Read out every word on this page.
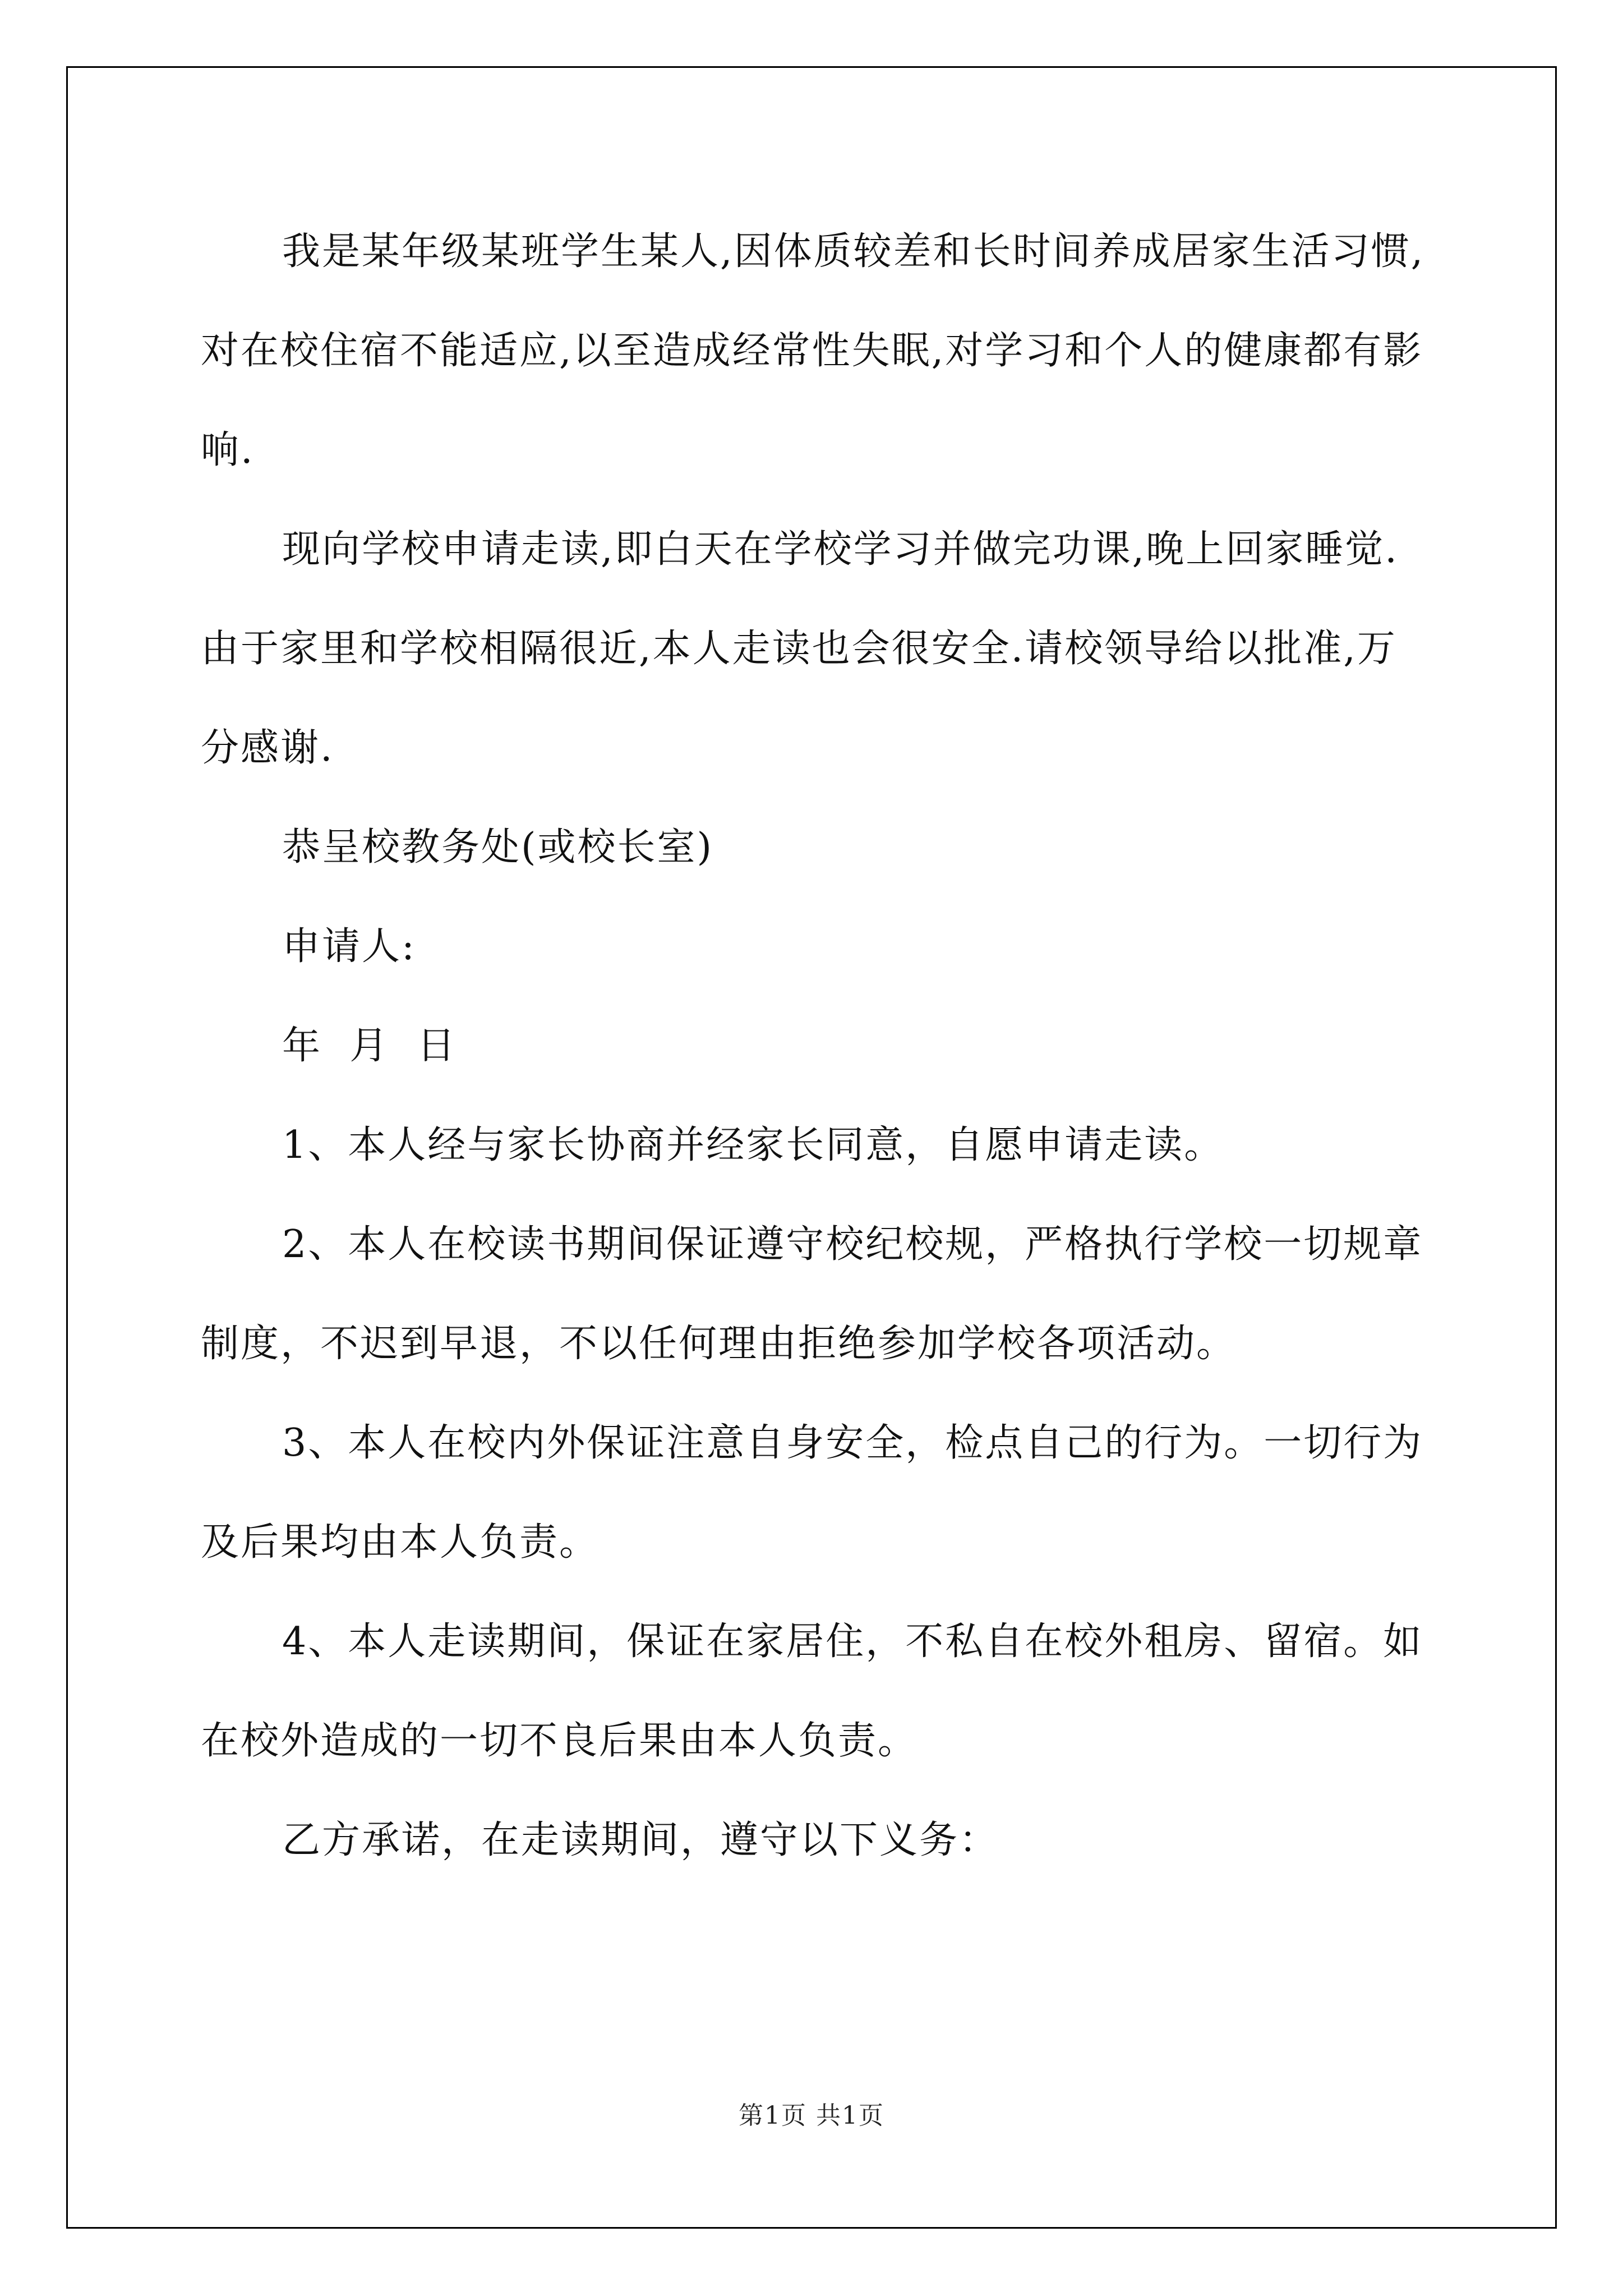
我是某年级某班学生某人,因体质较差和长时间养成居家生活习惯,对在校住宿不能适应,以至造成经常性失眠,对学习和个人的健康都有影响.

现向学校申请走读,即白天在学校学习并做完功课,晚上回家睡觉.由于家里和学校相隔很近,本人走读也会很安全.请校领导给以批准,万分感谢.

恭呈校教务处(或校长室)

申请人:

年  月  日

1、本人经与家长协商并经家长同意，自愿申请走读。

2、本人在校读书期间保证遵守校纪校规，严格执行学校一切规章制度，不迟到早退，不以任何理由拒绝参加学校各项活动。

3、本人在校内外保证注意自身安全，检点自己的行为。一切行为及后果均由本人负责。

4、本人走读期间，保证在家居住，不私自在校外租房、留宿。如在校外造成的一切不良后果由本人负责。

乙方承诺，在走读期间，遵守以下义务：

第1页 共1页
